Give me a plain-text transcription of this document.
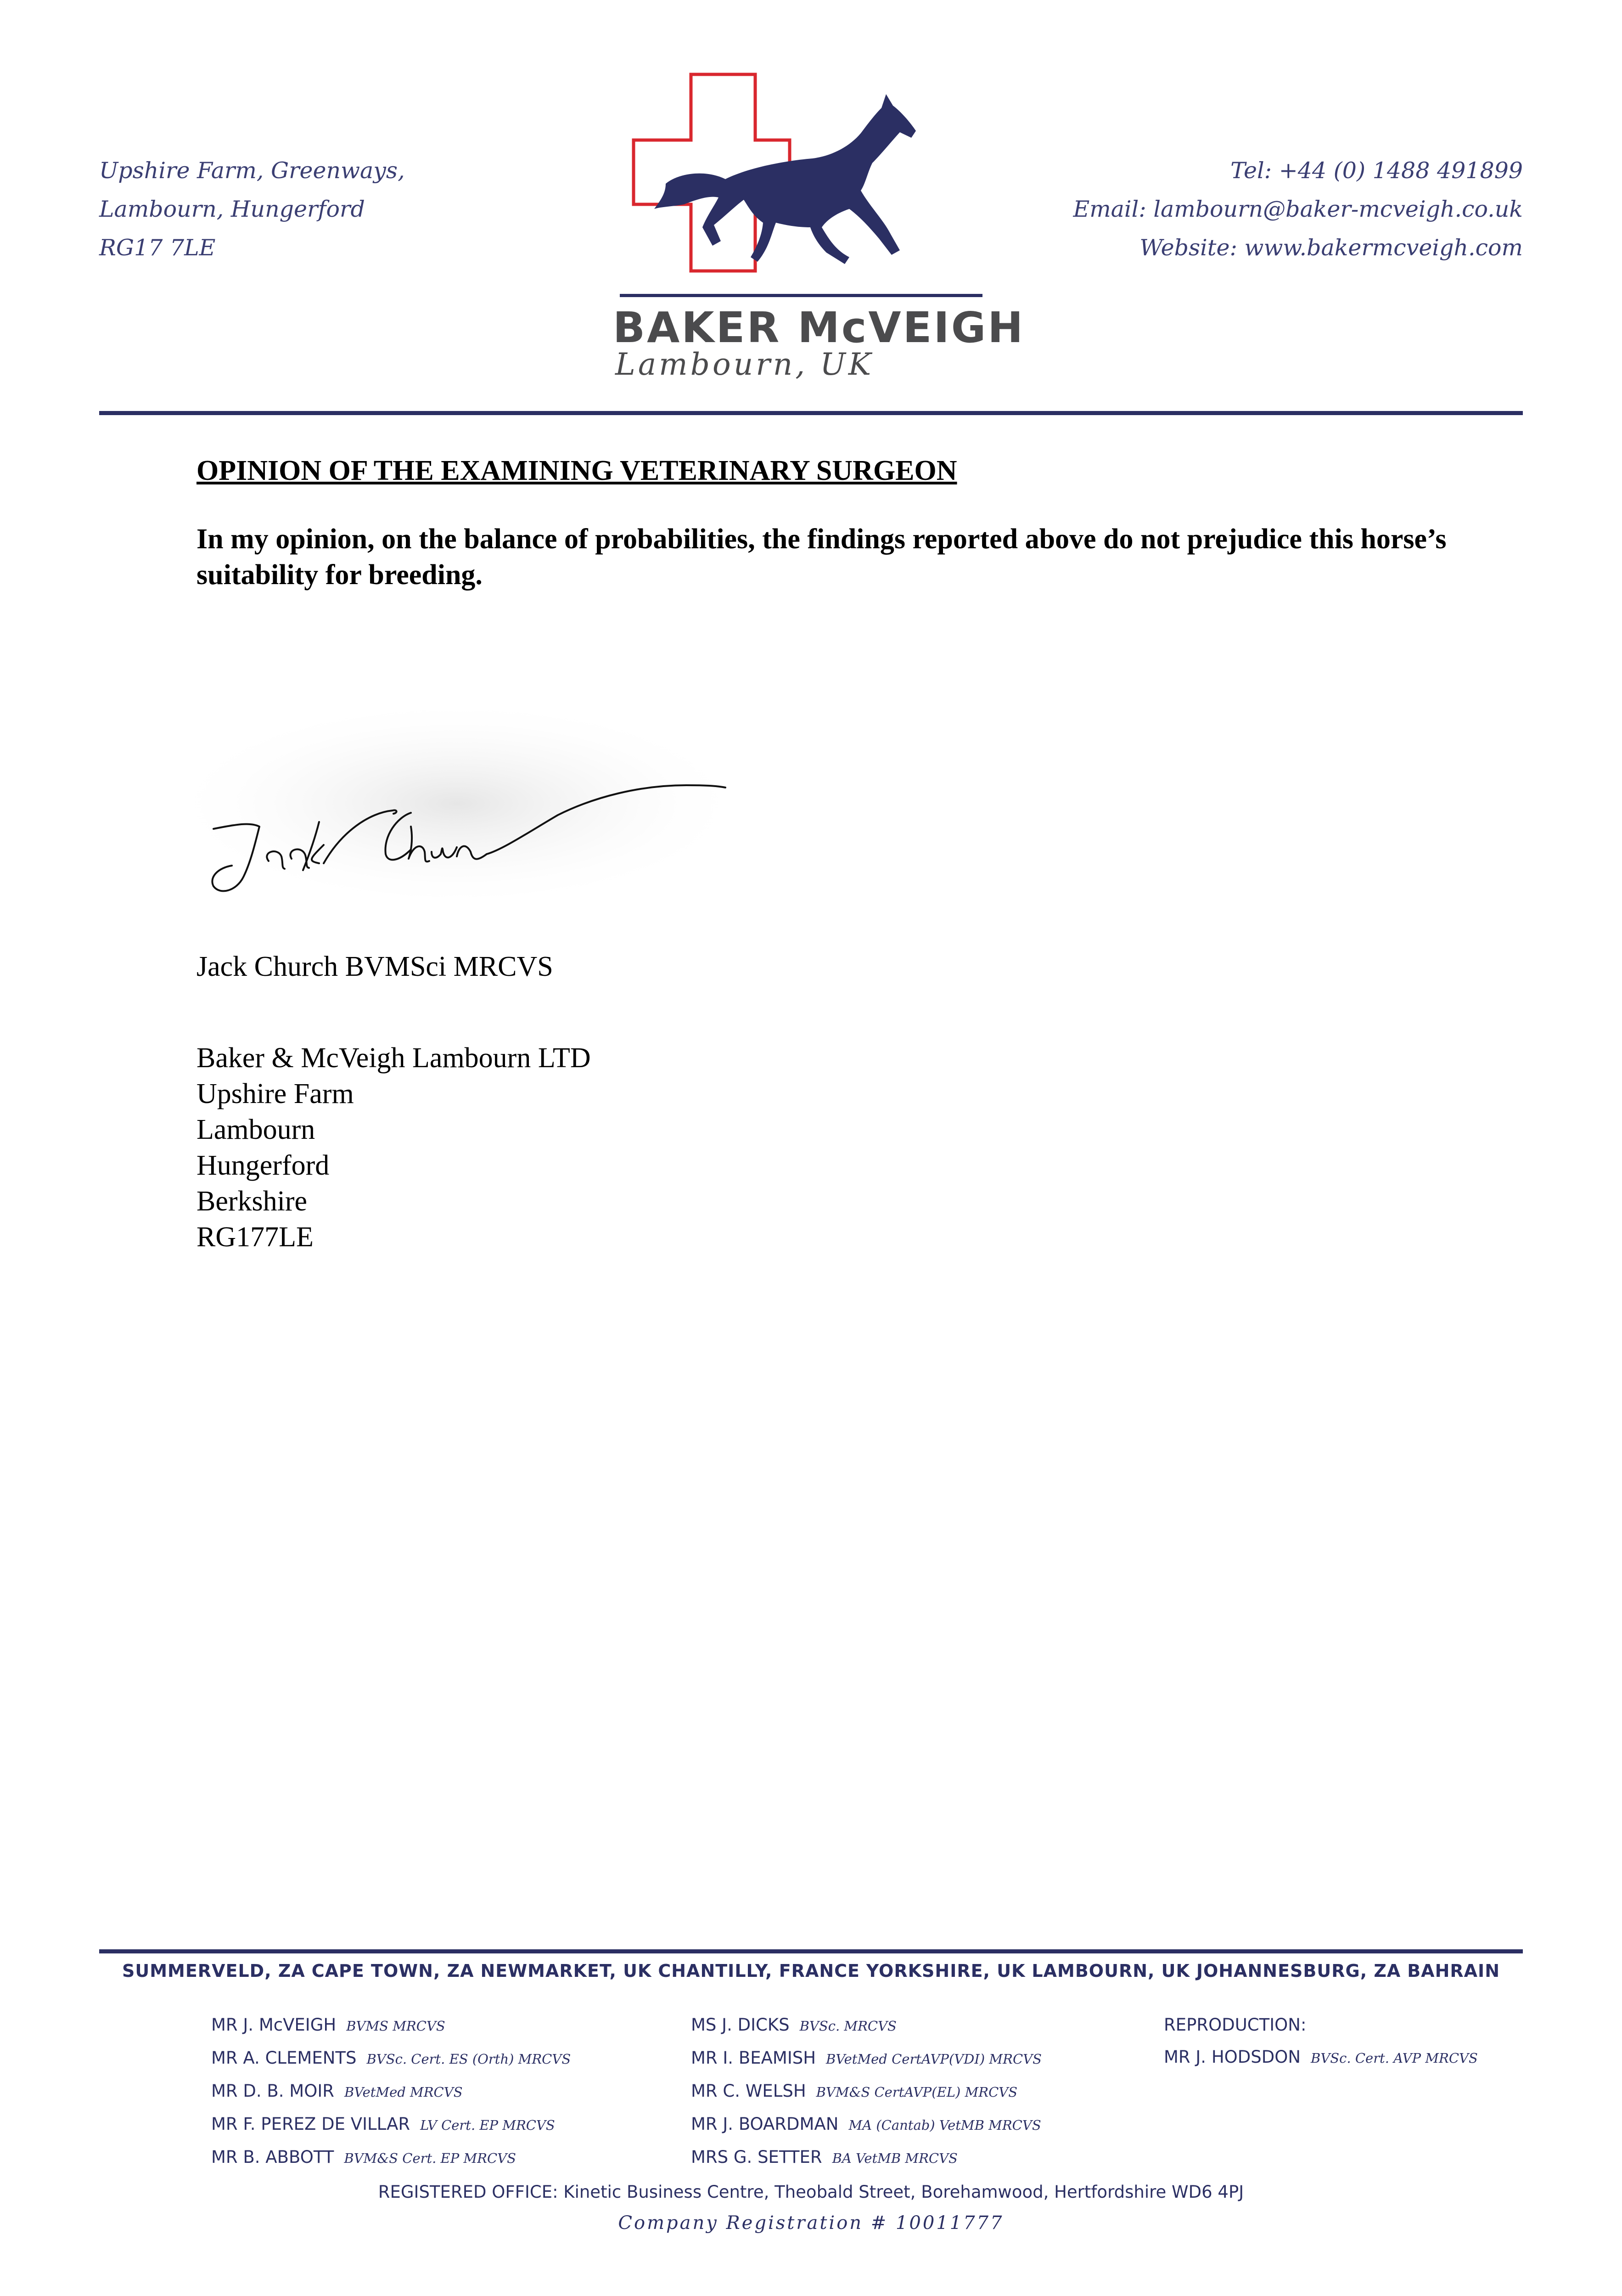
Upshire Farm, Greenways,
Lambourn, Hungerford
RG17 7LE
BAKER McVEIGH
Lambourn, UK
Tel: +44 (0) 1488 491899
Email: lambourn@baker-mcveigh.co.uk
Website: www.bakermcveigh.com
OPINION OF THE EXAMINING VETERINARY SURGEON
In my opinion, on the balance of probabilities, the findings reported above do not prejudice this horse’s suitability for breeding.
Jack Church BVMSci MRCVS
Baker & McVeigh Lambourn LTD
Upshire Farm
Lambourn
Hungerford
Berkshire
RG177LE
SUMMERVELD, ZA CAPE TOWN, ZA NEWMARKET, UK CHANTILLY, FRANCE YORKSHIRE, UK LAMBOURN, UK JOHANNESBURG, ZA BAHRAIN
MR J. McVEIGH BVMS MRCVS
MR A. CLEMENTS BVSc. Cert. ES (Orth) MRCVS
MR D. B. MOIR BVetMed MRCVS
MR F. PEREZ DE VILLAR LV Cert. EP MRCVS
MR B. ABBOTT BVM&S Cert. EP MRCVS
MS J. DICKS BVSc. MRCVS
MR I. BEAMISH BVetMed CertAVP(VDI) MRCVS
MR C. WELSH BVM&S CertAVP(EL) MRCVS
MR J. BOARDMAN MA (Cantab) VetMB MRCVS
MRS G. SETTER BA VetMB MRCVS
REPRODUCTION:
MR J. HODSDON BVSc. Cert. AVP MRCVS
REGISTERED OFFICE: Kinetic Business Centre, Theobald Street, Borehamwood, Hertfordshire WD6 4PJ
Company Registration # 10011777
